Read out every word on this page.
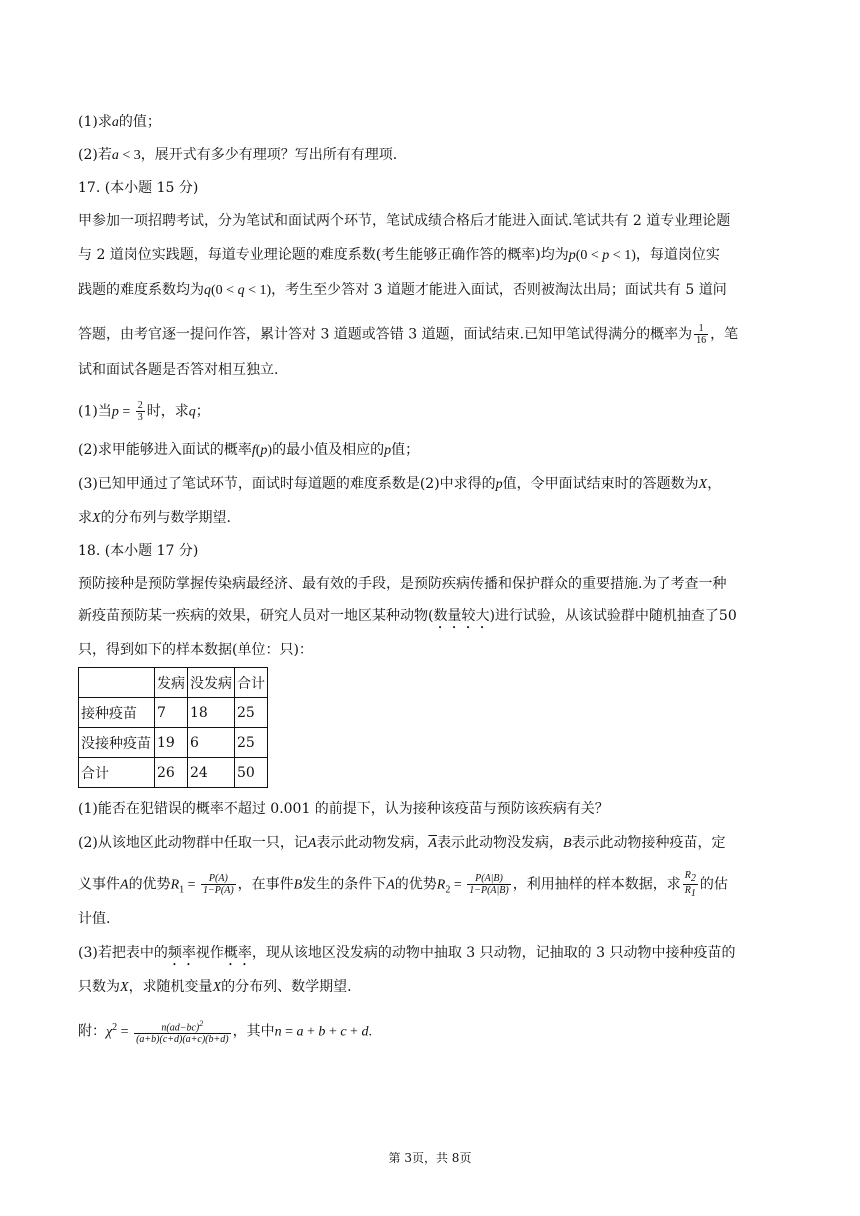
(1)求a的值；
(2)若a < 3，展开式有多少有理项？写出所有有理项.
17. (本小题 15 分)
甲参加一项招聘考试，分为笔试和面试两个环节，笔试成绩合格后才能进入面试.笔试共有 2 道专业理论题
与 2 道岗位实践题，每道专业理论题的难度系数(考生能够正确作答的概率)均为p(0 < p < 1)，每道岗位实
践题的难度系数均为q(0 < q < 1)，考生至少答对 3 道题才能进入面试，否则被淘汰出局；面试共有 5 道问
答题，由考官逐一提问作答，累计答对 3 道题或答错 3 道题，面试结束.已知甲笔试得满分的概率为 $\frac{1}{16}$ ，笔
试和面试各题是否答对相互独立.
(1)当$p = \frac{2}{3}$ 时，求q；
(2)求甲能够进入面试的概率f(p)的最小值及相应的p值；
(3)已知甲通过了笔试环节，面试时每道题的难度系数是(2)中求得的p值，令甲面试结束时的答题数为X，
求X的分布列与数学期望.
18. (本小题 17 分)
预防接种是预防掌握传染病最经济、最有效的手段，是预防疾病传播和保护群众的重要措施.为了考查一种
新疫苗预防某一疾病的效果，研究人员对一地区某种动物(数量较大)进行试验，从该试验群中随机抽查了50
只，得到如下的样本数据(单位：只)：
	发病	没发病	合计
接种疫苗	7	18	25
没接种疫苗	19	6	25
合计	26	24	50
(1)能否在犯错误的概率不超过 0.001 的前提下，认为接种该疫苗与预防该疾病有关？
(2)从该地区此动物群中任取一只，记A表示此动物发病，$\overline{A}$表示此动物没发病，B表示此动物接种疫苗，定
义事件A的优势$R_1 = \frac{P(A)}{1-P(A)}$ ，在事件B发生的条件下A的优势$R_2 = \frac{P(A|B)}{1-P(A|B)}$ ，利用抽样的样本数据，求 $\frac{R_2}{R_1}$ 的估
计值.
(3)若把表中的频率视作概率，现从该地区没发病的动物中抽取 3 只动物，记抽取的 3 只动物中接种疫苗的
只数为X，求随机变量X的分布列、数学期望.
附：$\chi^2 = \frac{n(ad-bc)^2}{(a+b)(c+d)(a+c)(b+d)}$ ，其中n = a + b + c + d.
第 3页，共 8页
